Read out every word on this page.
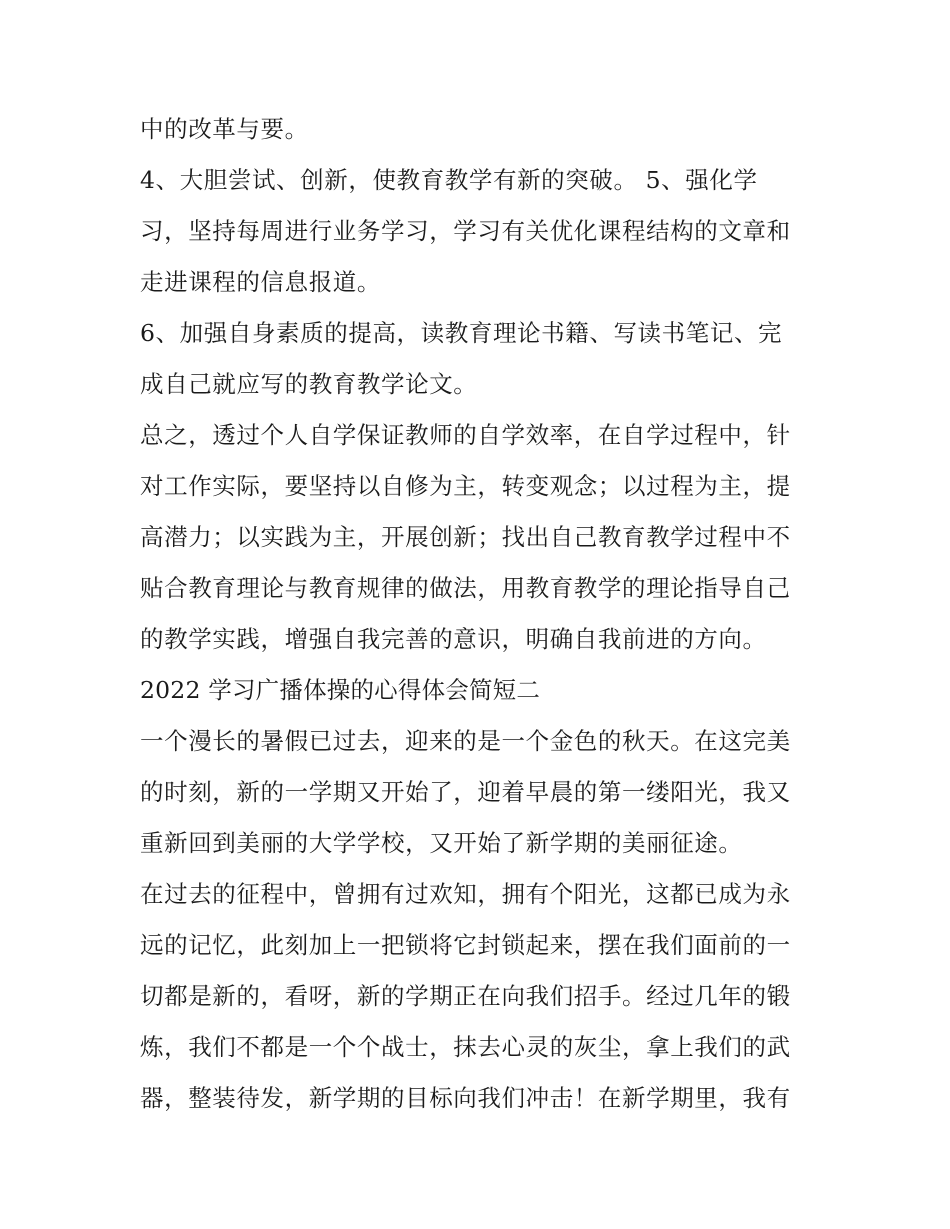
中的改革与要。
4、大胆尝试、创新，使教育教学有新的突破。 5、强化学
习，坚持每周进行业务学习，学习有关优化课程结构的文章和
走进课程的信息报道。
6、加强自身素质的提高，读教育理论书籍、写读书笔记、完
成自己就应写的教育教学论文。
总之，透过个人自学保证教师的自学效率，在自学过程中，针
对工作实际，要坚持以自修为主，转变观念；以过程为主，提
高潜力；以实践为主，开展创新；找出自己教育教学过程中不
贴合教育理论与教育规律的做法，用教育教学的理论指导自己
的教学实践，增强自我完善的意识，明确自我前进的方向。
2022 学习广播体操的心得体会简短二
一个漫长的暑假已过去，迎来的是一个金色的秋天。在这完美
的时刻，新的一学期又开始了，迎着早晨的第一缕阳光，我又
重新回到美丽的大学学校，又开始了新学期的美丽征途。
在过去的征程中，曾拥有过欢知，拥有个阳光，这都已成为永
远的记忆，此刻加上一把锁将它封锁起来，摆在我们面前的一
切都是新的，看呀，新的学期正在向我们招手。经过几年的锻
炼，我们不都是一个个战士，抹去心灵的灰尘，拿上我们的武
器，整装待发，新学期的目标向我们冲击！在新学期里，我有
